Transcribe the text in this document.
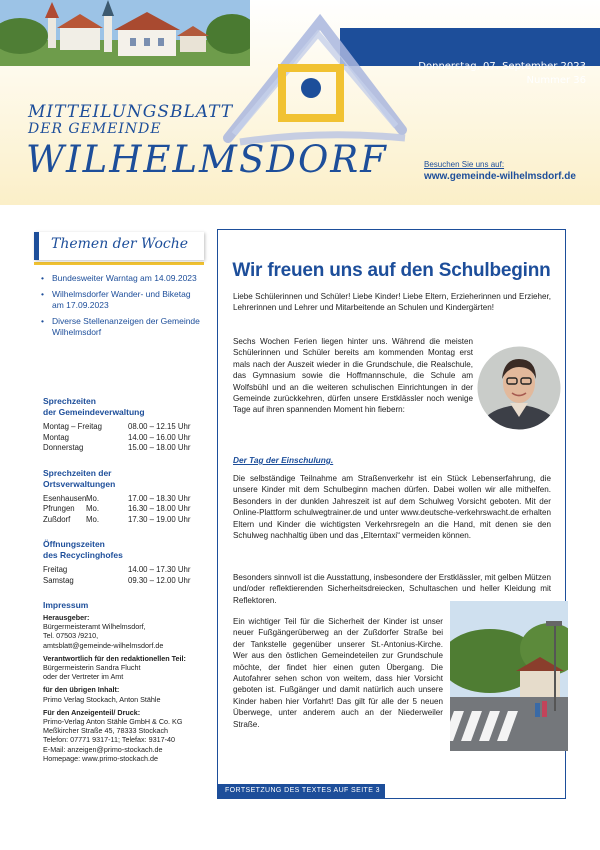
Donnerstag, 07. September 2023
Nummer 36
MITTEILUNGSBLATT
DER GEMEINDE
WILHELMSDORF	Besuchen Sie uns auf:
www.gemeinde-wilhelmsdorf.de
Themen der Woche
• Bundesweiter Warntag am 14.09.2023
• Wilhelmsdorfer Wander- und Biketag am 17.09.2023
• Diverse Stellenanzeigen der Gemeinde Wilhelmsdorf
Sprechzeiten
der Gemeindeverwaltung
Montag – Freitag	08.00 – 12.15 Uhr
Montag	14.00 – 16.00 Uhr
Donnerstag	15.00 – 18.00 Uhr
Sprechzeiten der
Ortsverwaltungen
Esenhausen Mo.	17.00 – 18.30 Uhr
Pfrungen	Mo.	16.30 – 18.00 Uhr
Zußdorf	Mo.	17.30 – 19.00 Uhr
Öffnungszeiten
des Recyclinghofes
Freitag	14.00 – 17.30 Uhr
Samstag	09.30 – 12.00 Uhr
Impressum
Herausgeber:
Bürgermeisteramt Wilhelmsdorf,
Tel. 07503 /9210,
amtsblatt@gemeinde-wilhelmsdorf.de
Verantwortlich für den redaktionellen Teil:
Bürgermeisterin Sandra Flucht
oder der Vertreter im Amt
für den übrigen Inhalt:
Primo Verlag Stockach, Anton Stähle
Für den Anzeigenteil/ Druck:
Primo-Verlag Anton Stähle GmbH & Co. KG
Meßkircher Straße 45, 78333 Stockach
Telefon: 07771 9317-11; Telefax: 9317-40
E-Mail: anzeigen@primo-stockach.de
Homepage: www.primo-stockach.de
Wir freuen uns auf den Schulbeginn
Liebe Schülerinnen und Schüler! Liebe Kinder! Liebe Eltern, Erzieherinnen und Erzieher, Lehrerinnen und Lehrer und Mitarbeitende an Schulen und Kindergärten!
Sechs Wochen Ferien liegen hinter uns. Während die meisten Schülerinnen und Schüler bereits am kommenden Montag erst mals nach der Auszeit wieder in die Grundschule, die Realschule, das Gymnasium sowie die Hoffmannschule, die Schule am Wolfsbühl und an die weiteren schulischen Einrichtungen in der Gemeinde zurückkehren, dürfen unsere Erstklässler noch wenige Tage auf ihren spannenden Moment hin fiebern:
Der Tag der Einschulung.
Die selbständige Teilnahme am Straßenverkehr ist ein Stück Lebenserfahrung, die unsere Kinder mit dem Schulbeginn machen dürfen. Dabei wollen wir alle mithelfen. Besonders in der dunklen Jahreszeit ist auf dem Schulweg Vorsicht geboten. Mit der Online-Plattform schulwegtrainer.de und unter www.deutsche-verkehrswacht.de erhalten Eltern und Kinder die wichtigsten Verkehrsregeln an die Hand, mit denen sie den Schulweg nachhaltig üben und das „Elterntaxi“ vermeiden können.
Besonders sinnvoll ist die Ausstattung, insbesondere der Erstklässler, mit gelben Mützen und/oder reflektierenden Sicherheitsdreiecken, Schultaschen und heller Kleidung mit Reflektoren.
Ein wichtiger Teil für die Sicherheit der Kinder ist unser neuer Fußgängerüberweg an der Zußdorfer Straße bei der Tankstelle gegenüber unserer St.-Antonius-Kirche. Wer aus den östlichen Gemeindeteilen zur Grundschule möchte, der findet hier einen guten Übergang. Die Autofahrer sehen schon von weitem, dass hier Vorsicht geboten ist. Fußgänger und damit natürlich auch unsere Kinder haben hier Vorfahrt! Das gilt für alle der 5 neuen Überwege, unter anderem auch an der Niederweiler Straße.
FORTSETZUNG DES TEXTES AUF SEITE 3
